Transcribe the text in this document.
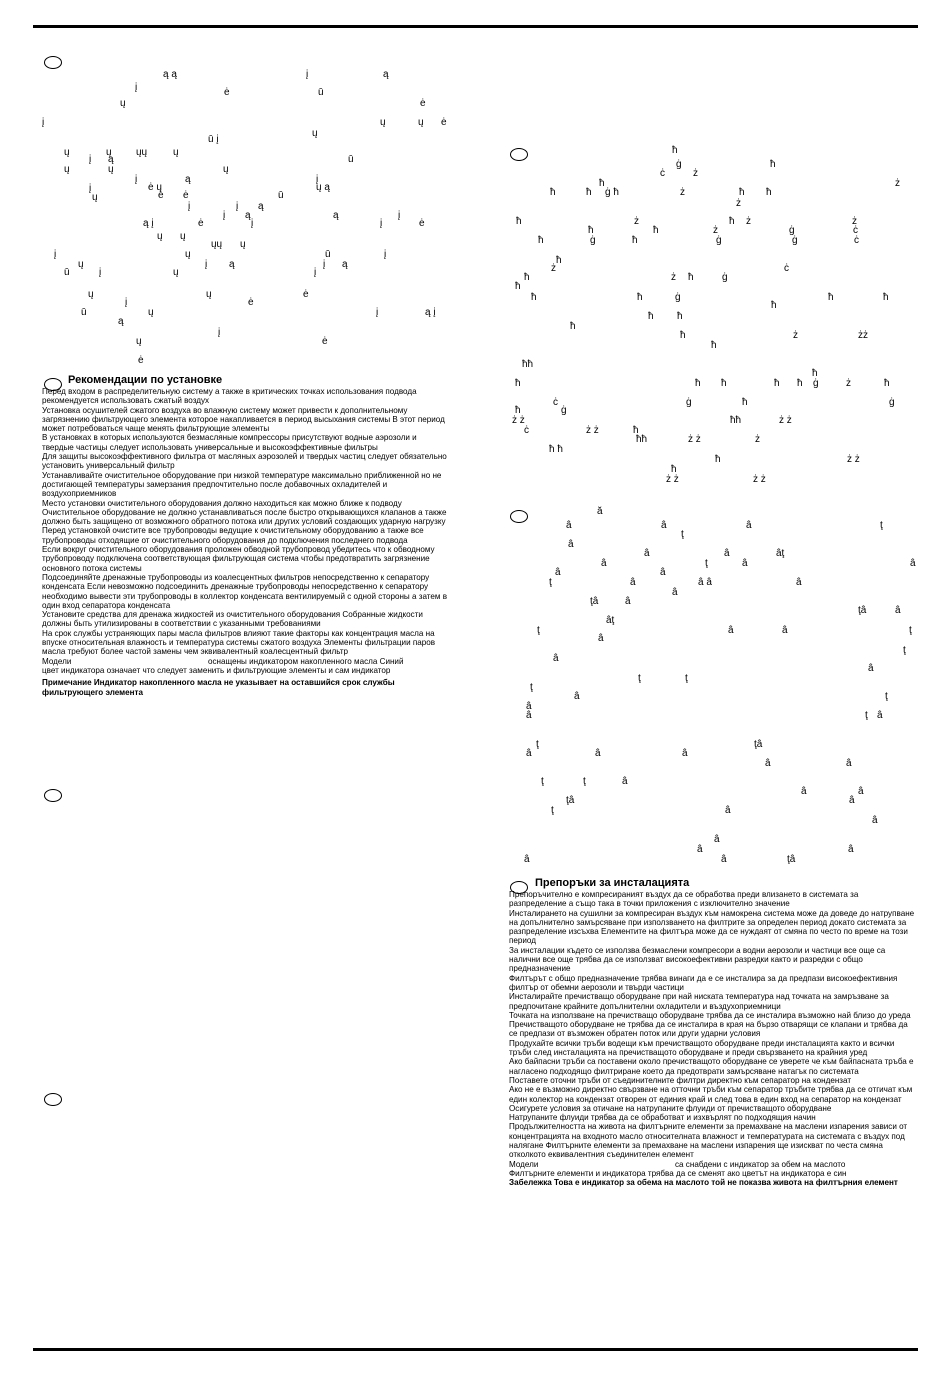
ą ą	į	ą
į	ė	ū
ų	ė
į	ų	ų ė
ų
ū į
ų	ų ųų	ų
į ą	ū
ų	ų	ų
į	ą	į
į	ė ų	ų ą
ų	ė ė	ū
į	į ą
į ą	ą	į
ą į	ė	į	į	ė
ų ų
ųų ų
į	ų	ū	į
ų	į ą	į ą
ū	į	ų	į
ų	ų	ė
į	ė
ū	ų	į	ą į
ą
į
ų	ė
ė
Рекомендации по установке

Перед входом в распределительную систему а также в критических точках использования подвода рекомендуется использовать сжатый воздух

Установка осушителей сжатого воздуха во влажную систему может привести к дополнительному загрязнению фильтрующего элемента которое накапливается в период высыхания системы В этот период может потребоваться чаще менять фильтрующие элементы

В установках в которых используются безмасляные компрессоры присутствуют водные аэрозоли и твердые частицы следует использовать универсальные и высокоэффективные фильтры

Для защиты высокоэффективного фильтра от масляных аэрозолей и твердых частиц следует обязательно установить универсальный фильтр

Устанавливайте очистительное оборудование при низкой температуре максимально приближенной но не достигающей температуры замерзания предпочтительно после добавочных охладителей и воздухоприемников

Место установки очистительного оборудования должно находиться как можно ближе к подводу

Очистительное оборудование не должно устанавливаться после быстро открывающихся клапанов а также должно быть защищено от возможного обратного потока или других условий создающих ударную нагрузку

Перед установкой очистите все трубопроводы ведущие к очистительному оборудованию а также все трубопроводы отходящие от очистительного оборудования до подключения последнего подвода

Если вокруг очистительного оборудования проложен обводной трубопровод убедитесь что к обводному трубопроводу подключена соответствующая фильтрующая система чтобы предотвратить загрязнение основного потока системы

Подсоединяйте дренажные трубопроводы из коалесцентных фильтров непосредственно к сепаратору конденсата Если невозможно подсоединить дренажные трубопроводы непосредственно к сепаратору необходимо вывести эти трубопроводы в коллектор конденсата вентилируемый с одной стороны а затем в один вход сепаратора конденсата

Установите средства для дренажа жидкостей из очистительного оборудования Собранные жидкости должны быть утилизированы в соответствии с указанными требованиями

На срок службы устраняющих пары масла фильтров влияют такие факторы как концентрация масла на впуске относительная влажность и температура системы сжатого воздуха Элементы фильтрации паров масла требуют более частой замены чем эквивалентный коалесцентный фильтр

Модели	оснащены индикатором накопленного масла Синий

цвет индикатора означает что следует заменить и фильтрующие элементы и сам индикатор

Примечание Индикатор накопленного масла не указывает на оставшийся срок службы фильтрующего элемента

ħ
ġ	ħ
ċ	ż
ħ	ż
ħ	ħ ġ ħ	ż	ħ ħ
ż
ħ	ż	ħ ż	ż
ħ	ħ	ż	ġ	ċ
ħ	ġ	ħ	ġ	ġ	ċ
ħ
ż	ċ
ħ	ż ħ	ġ
ħ
ħ	ħ	ġ	ħ	ħ
ħ
ħ ħ
ħ
ħ	ż	żż
ħ
ħħ
ħ
ħ	ħ ħ	ħ ħ ġ	ż	ħ
ċ	ġ	ħ	ġ
ħ	ġ
ż ż	ħħ	ż ż
ċ	ż ż	ħ
ħħ	ż ż	ż
ħ ħ
ħ	ż ż
ħ
ż ż	ż ż
ă
â	â	â	ţ
ţ
â
â	â	âţ
â	ţ	â	â
â	â
ţ	â	â â	â
â
ţâ	â
ţâ	â
âţ
ţ	â	â	ţ
â
ţ
â
â
ţ	ţ
ţ
â	ţ
â
â	ţ â
ţ	ţâ
â	â	â
â	â
ţ	ţ	â
â	â
ţâ	â
ţ	â
â
â
â	â
â	â	ţâ
Препоръки за инсталацията

Препоръчително е компресираният въздух да се обработва преди влизането в системата за разпределение а също така в точки приложения с изключително значение

Инсталирането на сушилни за компресиран въздух към намокрена система може да доведе до натрупване на допълнително замърсяване при използването на филтрите за определен период докато системата за разпределение изсъхва Елементите на филтъра може да се нуждаят от смяна по често по време на този период

За инсталации където се използва безмаслени компресори а водни аерозоли и частици все още са налични все още трябва да се използват високоефективни разредки както и разредки с общо предназначение

Филтърът с общо предназначение трябва винаги да е се инсталира за да предпази високоефективния филтър от обемни аерозоли и твърди частици

Инсталирайте пречистващо оборудване при най ниската температура над точката на замръзване за предпочитане крайните допълнителни охладители и въздухоприемници

Точката на използване на пречистващо оборудване трябва да се инсталира възможно най близо до уреда

Пречистващото оборудване не трябва да се инсталира в края на бързо отварящи се клапани и трябва да се предпази от възможен обратен поток или други ударни условия

Продухайте всички тръби водещи към пречистващото оборудване преди инсталацията както и всички тръби след инсталацията на пречистващото оборудване и преди свързването на крайния уред

Ако байпасни тръби са поставени около пречистващото оборудване се уверете че към байпасната тръба е нагласено подходящо филтриране което да предотврати замърсяване натагък по системата

Поставете оточни тръби от съединителните филтри директно към сепаратор на кондензат

Ако не е възможно директно свързване на отточни тръби към сепаратор тръбите трябва да се отгичат към един колектор на кондензат отворен от единия край и след това в един вход на сепаратор на кондензат

Осигурете условия за отичане на натрупаните флуиди от пречистващото оборудване

Натрупаните флуиди трябва да се обработват и изхвърлят по подходящия начин

Продължителността на живота на филтърните елементи за премахване на маслени изпарения зависи от концентрацията на входното масло относителната влажност и температурата на системата с въздух под налягане Филтърните елементи за премахване на маслени изпарения ще изискват по честа смяна отколкото еквивалентния съединителен елемент

Модели	са снабдени с индикатор за обем на маслото

Филтърните елементи и индикатора трябва да се сменят ако цветът на индикатора е син

Забележка Това е индикатор за обема на маслото той не показва живота на филтърния елемент
